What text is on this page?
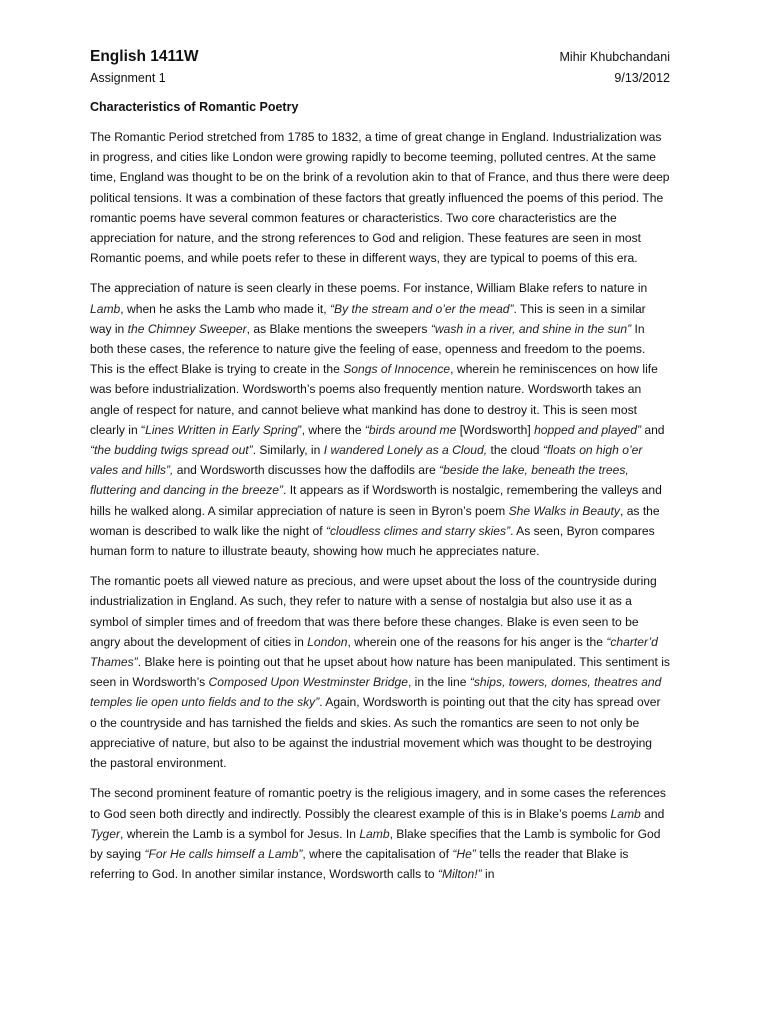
English 1411W	Mihir Khubchandani
Assignment 1	9/13/2012
Characteristics of Romantic Poetry

The Romantic Period stretched from 1785 to 1832, a time of great change in England. Industrialization was in progress, and cities like London were growing rapidly to become teeming, polluted centres. At the same time, England was thought to be on the brink of a revolution akin to that of France, and thus there were deep political tensions. It was a combination of these factors that greatly influenced the poems of this period. The romantic poems have several common features or characteristics. Two core characteristics are the appreciation for nature, and the strong references to God and religion. These features are seen in most Romantic poems, and while poets refer to these in different ways, they are typical to poems of this era.

The appreciation of nature is seen clearly in these poems. For instance, William Blake refers to nature in Lamb, when he asks the Lamb who made it, “By the stream and o’er the mead”. This is seen in a similar way in the Chimney Sweeper, as Blake mentions the sweepers “wash in a river, and shine in the sun” In both these cases, the reference to nature give the feeling of ease, openness and freedom to the poems. This is the effect Blake is trying to create in the Songs of Innocence, wherein he reminiscences on how life was before industrialization. Wordsworth’s poems also frequently mention nature. Wordsworth takes an angle of respect for nature, and cannot believe what mankind has done to destroy it. This is seen most clearly in “Lines Written in Early Spring”, where the “birds around me [Wordsworth] hopped and played” and “the budding twigs spread out”. Similarly, in I wandered Lonely as a Cloud, the cloud “floats on high o’er vales and hills”, and Wordsworth discusses how the daffodils are “beside the lake, beneath the trees, fluttering and dancing in the breeze”. It appears as if Wordsworth is nostalgic, remembering the valleys and hills he walked along. A similar appreciation of nature is seen in Byron’s poem She Walks in Beauty, as the woman is described to walk like the night of “cloudless climes and starry skies”. As seen, Byron compares human form to nature to illustrate beauty, showing how much he appreciates nature.

The romantic poets all viewed nature as precious, and were upset about the loss of the countryside during industrialization in England. As such, they refer to nature with a sense of nostalgia but also use it as a symbol of simpler times and of freedom that was there before these changes. Blake is even seen to be angry about the development of cities in London, wherein one of the reasons for his anger is the “charter’d Thames”. Blake here is pointing out that he upset about how nature has been manipulated. This sentiment is seen in Wordsworth’s Composed Upon Westminster Bridge, in the line “ships, towers, domes, theatres and temples lie open unto fields and to the sky”. Again, Wordsworth is pointing out that the city has spread over o the countryside and has tarnished the fields and skies. As such the romantics are seen to not only be appreciative of nature, but also to be against the industrial movement which was thought to be destroying the pastoral environment.

The second prominent feature of romantic poetry is the religious imagery, and in some cases the references to God seen both directly and indirectly. Possibly the clearest example of this is in Blake’s poems Lamb and Tyger, wherein the Lamb is a symbol for Jesus. In Lamb, Blake specifies that the Lamb is symbolic for God by saying “For He calls himself a Lamb”, where the capitalisation of “He” tells the reader that Blake is referring to God. In another similar instance, Wordsworth calls to “Milton!” in
